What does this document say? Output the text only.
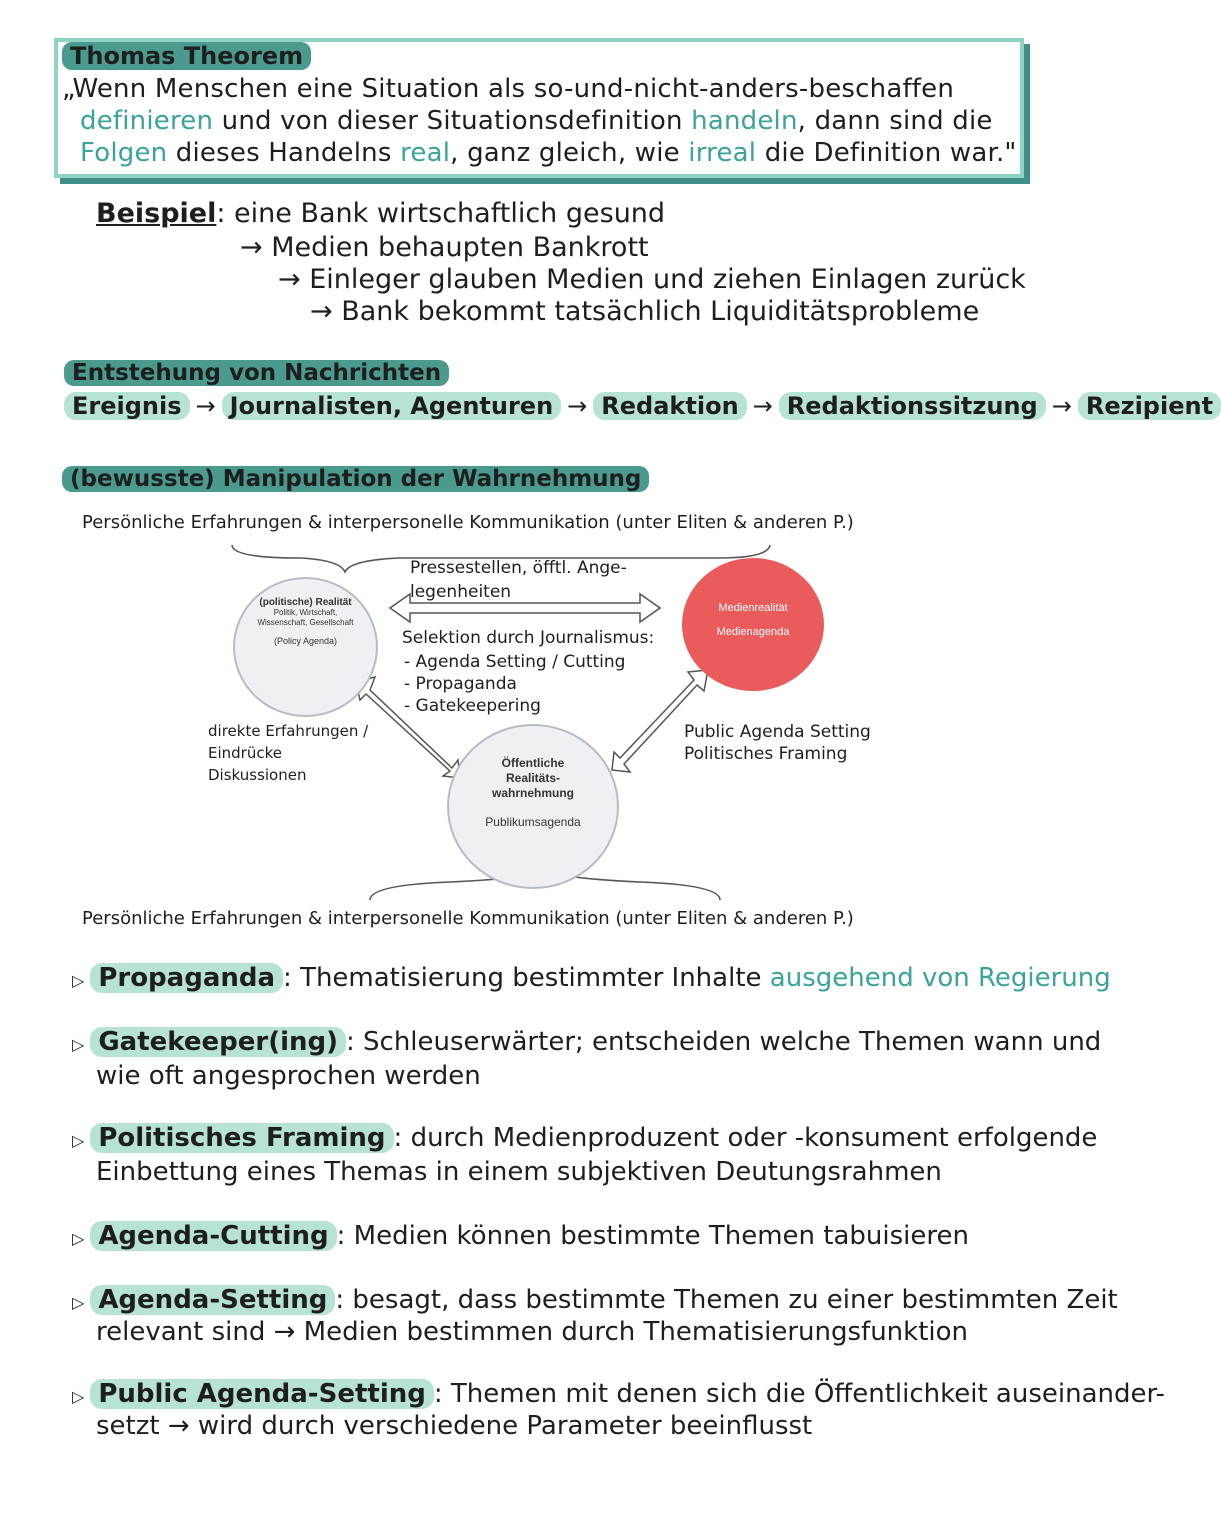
Thomas Theorem
„Wenn Menschen eine Situation als so-und-nicht-anders-beschaffen
definieren und von dieser Situationsdefinition handeln, dann sind die
Folgen dieses Handelns real, ganz gleich, wie irreal die Definition war."
Beispiel: eine Bank wirtschaftlich gesund
→ Medien behaupten Bankrott
→ Einleger glauben Medien und ziehen Einlagen zurück
→ Bank bekommt tatsächlich Liquiditätsprobleme
Entstehung von Nachrichten
Ereignis → Journalisten, Agenturen → Redaktion → Redaktionssitzung → Rezipient
(bewusste) Manipulation der Wahrnehmung
Persönliche Erfahrungen & interpersonelle Kommunikation (unter Eliten & anderen P.)
(politische) Realität
Politik, Wirtschaft, Wissenschaft, Gesellschaft
(Policy Agenda)
Medienrealität
Medienagenda
Öffentliche Realitäts-wahrnehmung
Publikumsagenda
Pressestellen, öfftl. Ange-
legenheiten
Selektion durch Journalismus:
- Agenda Setting / Cutting
- Propaganda
- Gatekeepering
direkte Erfahrungen /
Eindrücke
Diskussionen
Public Agenda Setting
Politisches Framing
Persönliche Erfahrungen & interpersonelle Kommunikation (unter Eliten & anderen P.)
▷ Propaganda : Thematisierung bestimmter Inhalte ausgehend von Regierung
▷ Gatekeeper(ing) : Schleuserwärter; entscheiden welche Themen wann und
wie oft angesprochen werden
▷ Politisches Framing : durch Medienproduzent oder -konsument erfolgende
Einbettung eines Themas in einem subjektiven Deutungsrahmen
▷ Agenda-Cutting : Medien können bestimmte Themen tabuisieren
▷ Agenda-Setting : besagt, dass bestimmte Themen zu einer bestimmten Zeit
relevant sind → Medien bestimmen durch Thematisierungsfunktion
▷ Public Agenda-Setting : Themen mit denen sich die Öffentlichkeit auseinander-
setzt → wird durch verschiedene Parameter beeinflusst
